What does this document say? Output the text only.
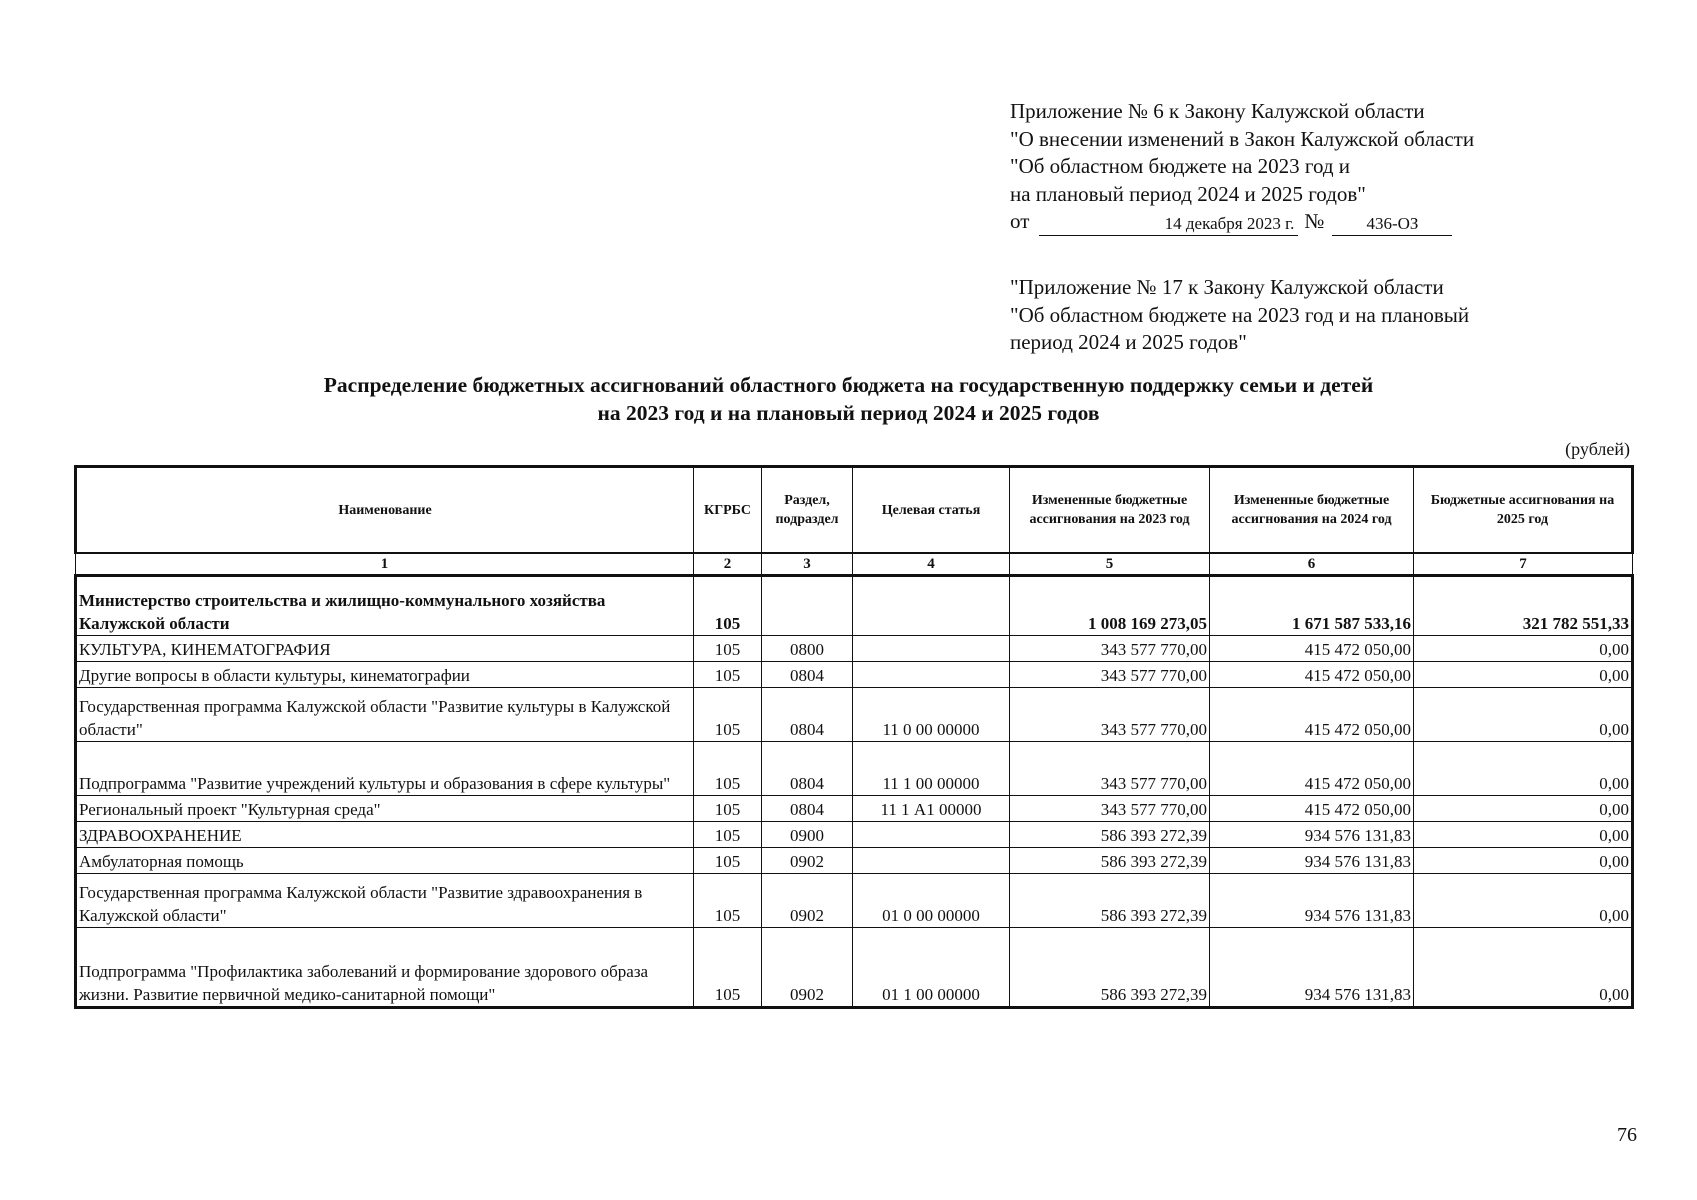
Приложение № 6 к Закону Калужской области
"О внесении изменений в Закон Калужской области
"Об областном бюджете на 2023 год и
на плановый период 2024 и 2025 годов"
от	14 декабря 2023 г. №	436-ОЗ
"Приложение № 17 к Закону Калужской области
"Об областном бюджете на 2023 год и на плановый
период 2024 и 2025 годов"
Распределение бюджетных ассигнований областного бюджета на государственную поддержку семьи и детей
на 2023 год и на плановый период 2024 и 2025 годов
(рублей)
Наименование	КГРБС	Раздел, подраздел	Целевая статья	Измененные бюджетные ассигнования на 2023 год	Измененные бюджетные ассигнования на 2024 год	Бюджетные ассигнования на 2025 год
1	2	3	4	5	6	7
Министерство строительства и жилищно-коммунального хозяйства Калужской области	105			1 008 169 273,05	1 671 587 533,16	321 782 551,33
КУЛЬТУРА, КИНЕМАТОГРАФИЯ	105	0800		343 577 770,00	415 472 050,00	0,00
Другие вопросы в области культуры, кинематографии	105	0804		343 577 770,00	415 472 050,00	0,00
Государственная программа Калужской области "Развитие культуры в Калужской области"	105	0804	11 0 00 00000	343 577 770,00	415 472 050,00	0,00
Подпрограмма "Развитие учреждений культуры и образования в сфере культуры"	105	0804	11 1 00 00000	343 577 770,00	415 472 050,00	0,00
Региональный проект "Культурная среда"	105	0804	11 1 А1 00000	343 577 770,00	415 472 050,00	0,00
ЗДРАВООХРАНЕНИЕ	105	0900		586 393 272,39	934 576 131,83	0,00
Амбулаторная помощь	105	0902		586 393 272,39	934 576 131,83	0,00
Государственная программа Калужской области "Развитие здравоохранения в Калужской области"	105	0902	01 0 00 00000	586 393 272,39	934 576 131,83	0,00
Подпрограмма "Профилактика заболеваний и формирование здорового образа жизни. Развитие первичной медико-санитарной помощи"	105	0902	01 1 00 00000	586 393 272,39	934 576 131,83	0,00
76
